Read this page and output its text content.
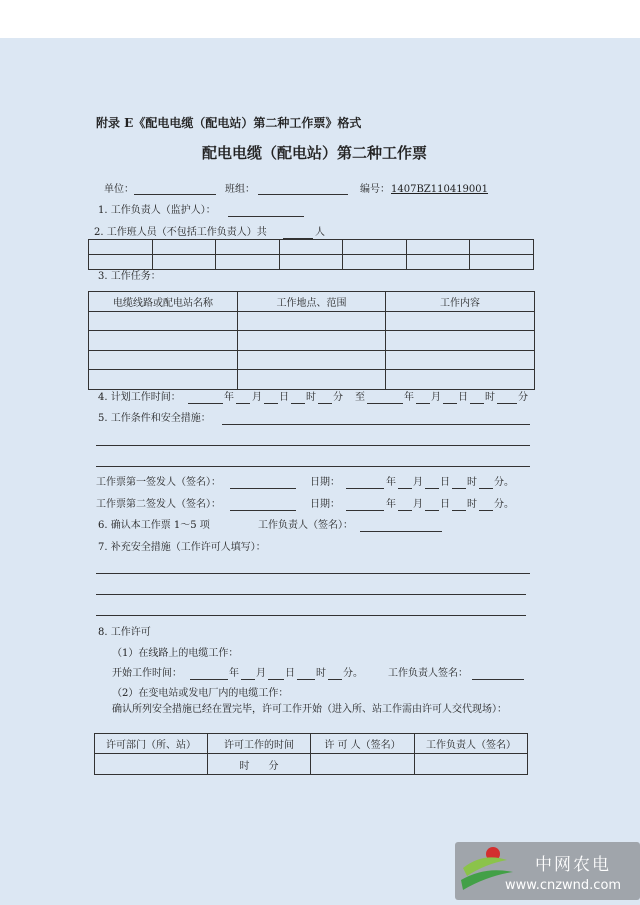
附录 E《配电电缆（配电站）第二种工作票》格式
配电电缆（配电站）第二种工作票
单位：	班组：	编号： 1407BZ110419001
1. 工作负责人（监护人）：
2. 工作班人员（不包括工作负责人）共	人

3. 工作任务：
电缆线路或配电站名称	工作地点、范围	工作内容

4. 计划工作时间：	年 月 日 时 分 至	年 月 日 时 分
5. 工作条件和安全措施：
工作票第一签发人（签名）：	日期：	年 月 日 时 分。
工作票第二签发人（签名）：	日期：	年 月 日 时 分。
6. 确认本工作票 1～5 项	工作负责人（签名）：
7. 补充安全措施（工作许可人填写）：
8. 工作许可
（1）在线路上的电缆工作：
开始工作时间：	年 月 日 时 分。	工作负责人签名：
（2）在变电站或发电厂内的电缆工作：
确认所列安全措施已经在置完毕，许可工作开始（进入所、站工作需由许可人交代现场）：
许可部门（所、站）	许可工作的时间	许 可 人（签名）	工作负责人（签名）
	时      分		
中网农电
www.cnzwnd.com
